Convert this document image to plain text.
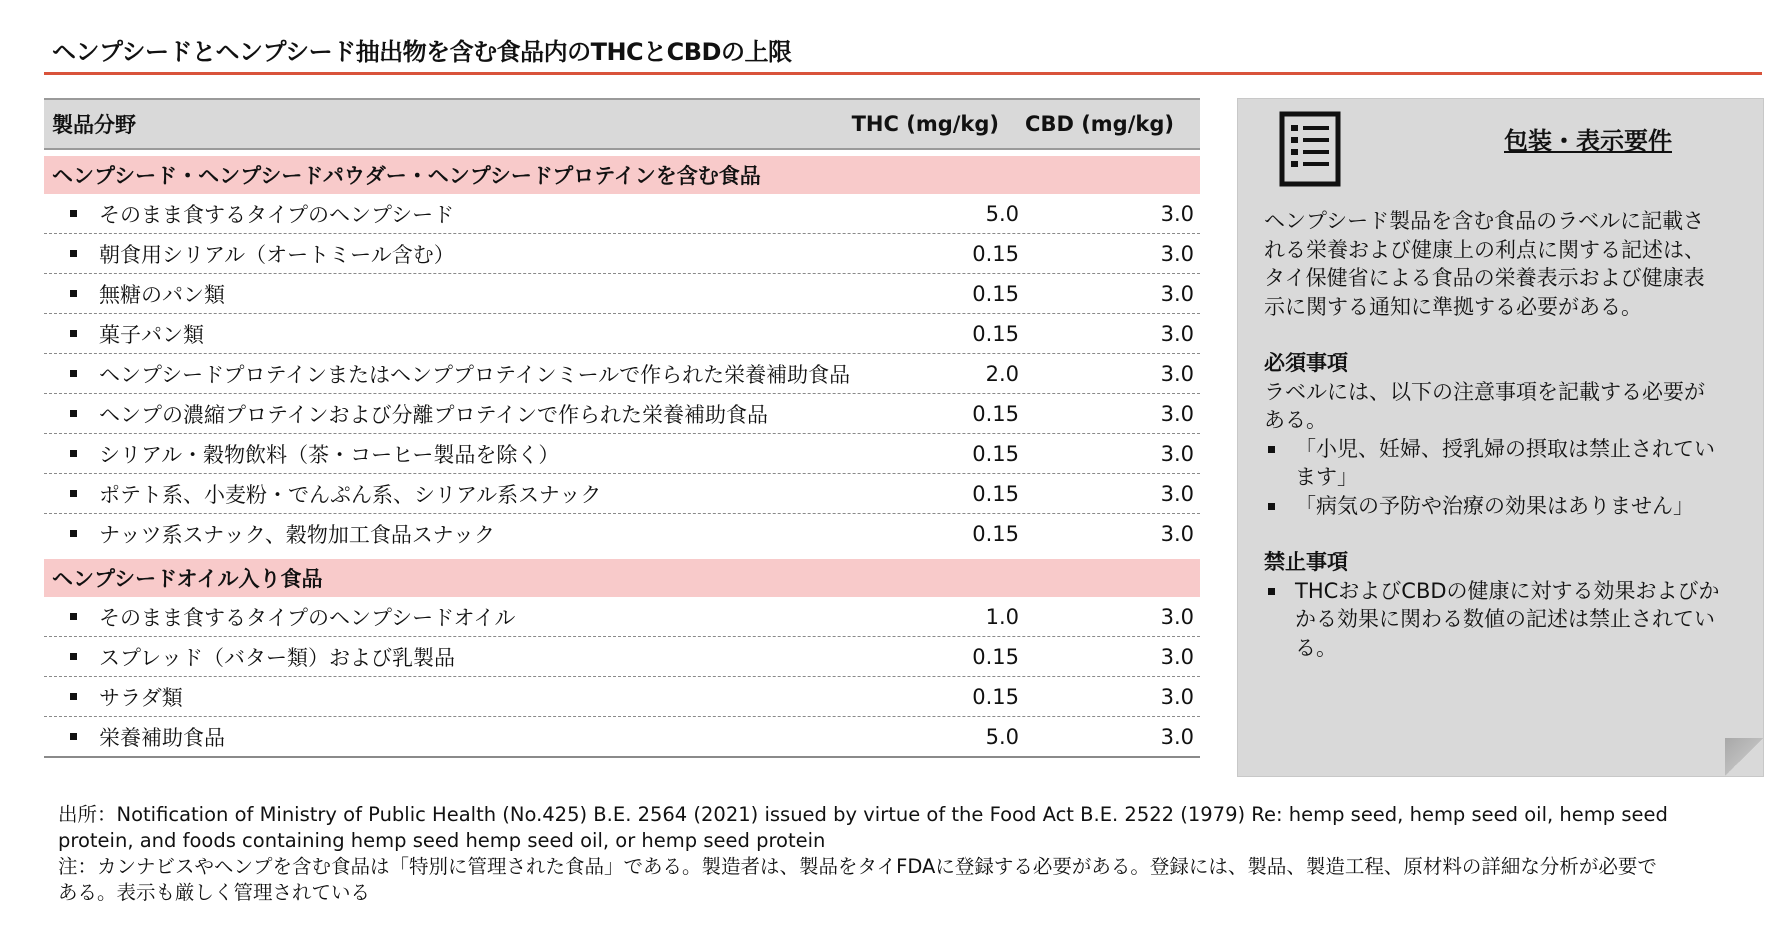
ヘンプシードとヘンプシード抽出物を含む食品内のTHCとCBDの上限
製品分野	THC (mg/kg)	CBD (mg/kg)
ヘンプシード・ヘンプシードパウダー・ヘンプシードプロテインを含む食品
そのまま食するタイプのヘンプシード	5.0	3.0
朝食用シリアル（オートミール含む）	0.15	3.0
無糖のパン類	0.15	3.0
菓子パン類	0.15	3.0
ヘンプシードプロテインまたはヘンププロテインミールで作られた栄養補助食品	2.0	3.0
ヘンプの濃縮プロテインおよび分離プロテインで作られた栄養補助食品	0.15	3.0
シリアル・穀物飲料（茶・コーヒー製品を除く）	0.15	3.0
ポテト系、小麦粉・でんぷん系、シリアル系スナック	0.15	3.0
ナッツ系スナック、穀物加工食品スナック	0.15	3.0
ヘンプシードオイル入り食品
そのまま食するタイプのヘンプシードオイル	1.0	3.0
スプレッド（バター類）および乳製品	0.15	3.0
サラダ類	0.15	3.0
栄養補助食品	5.0	3.0
包装・表示要件

ヘンプシード製品を含む食品のラベルに記載さ

れる栄養および健康上の利点に関する記述は、

タイ保健省による食品の栄養表示および健康表

示に関する通知に準拠する必要がある。

必須事項

ラベルには、以下の注意事項を記載する必要が

ある。

「小児、妊婦、授乳婦の摂取は禁止されてい

ます」

「病気の予防や治療の効果はありません」

禁止事項

THCおよびCBDの健康に対する効果およびか

かる効果に関わる数値の記述は禁止されてい

る。

出所：Notification of Ministry of Public Health (No.425) B.E. 2564 (2021) issued by virtue of the Food Act B.E. 2522 (1979) Re: hemp seed, hemp seed oil, hemp seed

protein, and foods containing hemp seed hemp seed oil, or hemp seed protein

注：カンナビスやヘンプを含む食品は「特別に管理された食品」である。製造者は、製品をタイFDAに登録する必要がある。登録には、製品、製造工程、原材料の詳細な分析が必要で

ある。表示も厳しく管理されている
